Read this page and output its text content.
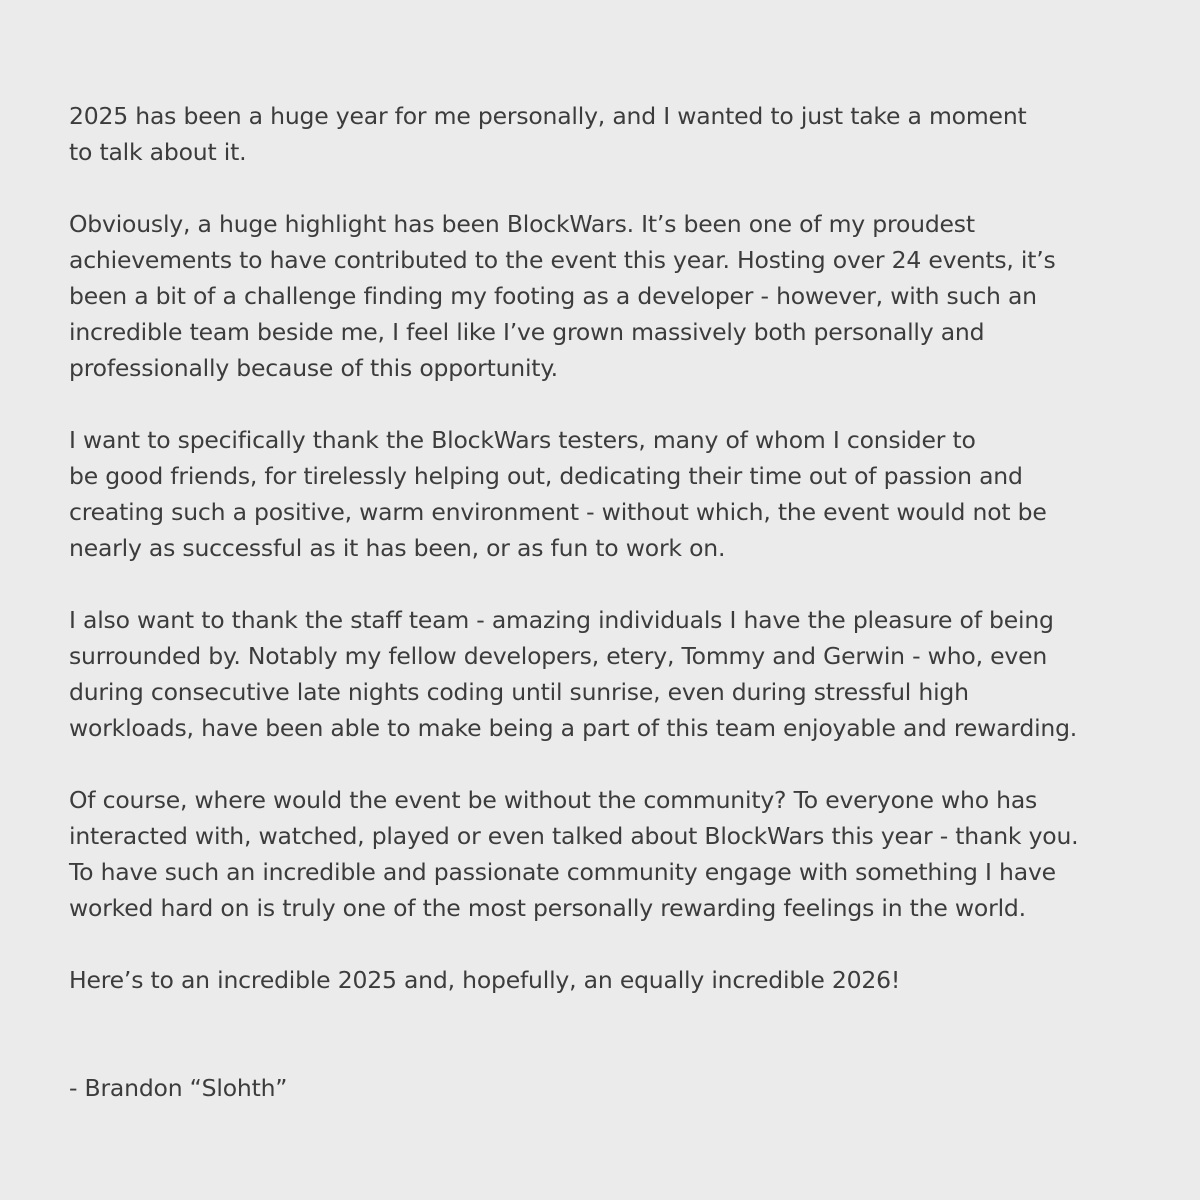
2025 has been a huge year for me personally, and I wanted to just take a moment
to talk about it.

Obviously, a huge highlight has been BlockWars. It’s been one of my proudest
achievements to have contributed to the event this year. Hosting over 24 events, it’s
been a bit of a challenge finding my footing as a developer - however, with such an
incredible team beside me, I feel like I’ve grown massively both personally and
professionally because of this opportunity.

I want to specifically thank the BlockWars testers, many of whom I consider to
be good friends, for tirelessly helping out, dedicating their time out of passion and
creating such a positive, warm environment - without which, the event would not be
nearly as successful as it has been, or as fun to work on.

I also want to thank the staff team - amazing individuals I have the pleasure of being
surrounded by. Notably my fellow developers, etery, Tommy and Gerwin - who, even
during consecutive late nights coding until sunrise, even during stressful high
workloads, have been able to make being a part of this team enjoyable and rewarding.

Of course, where would the event be without the community? To everyone who has
interacted with, watched, played or even talked about BlockWars this year - thank you.
To have such an incredible and passionate community engage with something I have
worked hard on is truly one of the most personally rewarding feelings in the world.

Here’s to an incredible 2025 and, hopefully, an equally incredible 2026!

- Brandon “Slohth”
